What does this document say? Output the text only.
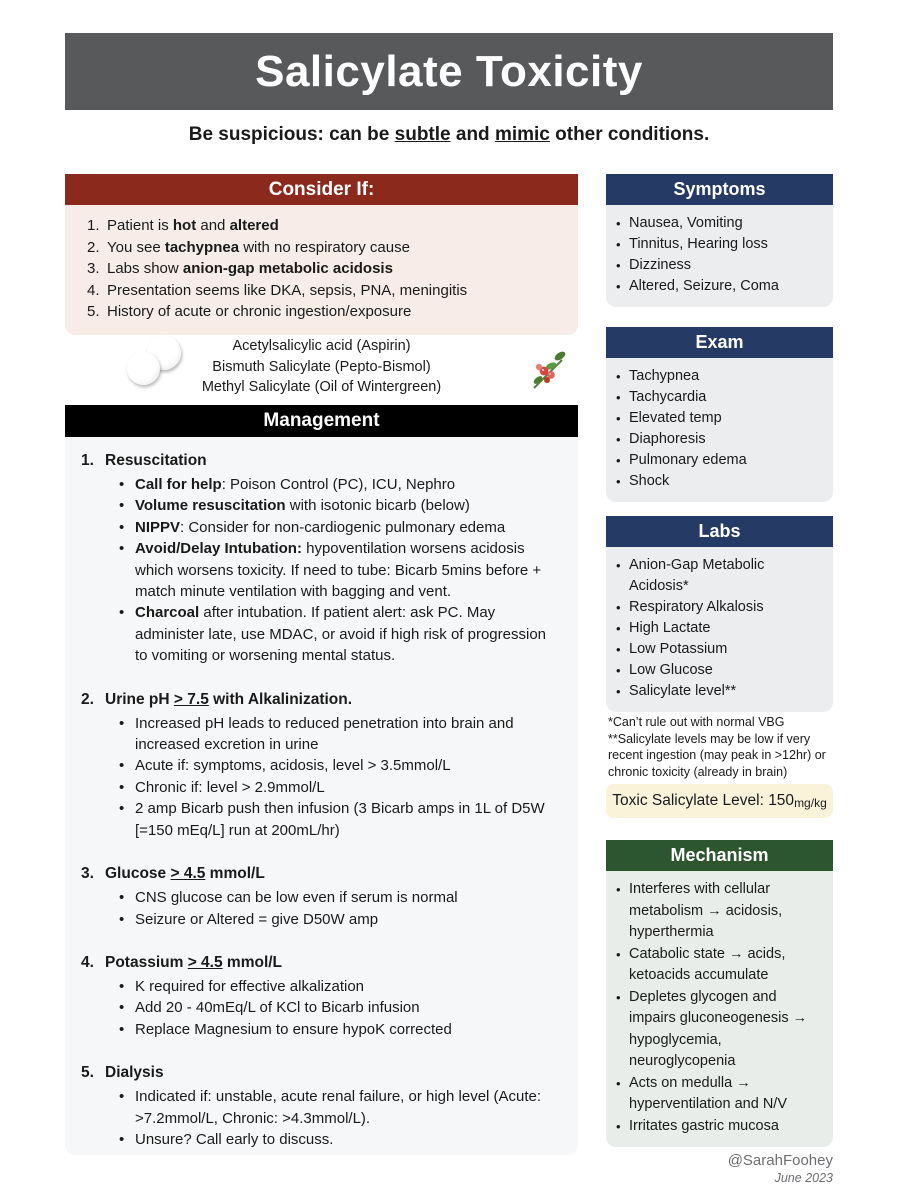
Salicylate Toxicity

Be suspicious: can be subtle and mimic other conditions.

Consider If:
1. Patient is hot and altered
2. You see tachypnea with no respiratory cause
3. Labs show anion-gap metabolic acidosis
4. Presentation seems like DKA, sepsis, PNA, meningitis
5. History of acute or chronic ingestion/exposure
Acetylsalicylic acid (Aspirin)
Bismuth Salicylate (Pepto-Bismol)
Methyl Salicylate (Oil of Wintergreen)
Management
1. Resuscitation
• Call for help: Poison Control (PC), ICU, Nephro
• Volume resuscitation with isotonic bicarb (below)
• NIPPV: Consider for non-cardiogenic pulmonary edema
• Avoid/Delay Intubation: hypoventilation worsens acidosis which worsens toxicity. If need to tube: Bicarb 5mins before + match minute ventilation with bagging and vent.
• Charcoal after intubation. If patient alert: ask PC. May administer late, use MDAC, or avoid if high risk of progression to vomiting or worsening mental status.
2. Urine pH > 7.5 with Alkalinization.
• Increased pH leads to reduced penetration into brain and increased excretion in urine
• Acute if: symptoms, acidosis, level > 3.5mmol/L
• Chronic if: level > 2.9mmol/L
• 2 amp Bicarb push then infusion (3 Bicarb amps in 1L of D5W [=150 mEq/L] run at 200mL/hr)
3. Glucose > 4.5 mmol/L
• CNS glucose can be low even if serum is normal
• Seizure or Altered = give D50W amp
4. Potassium > 4.5 mmol/L
• K required for effective alkalization
• Add 20 - 40mEq/L of KCl to Bicarb infusion
• Replace Magnesium to ensure hypoK corrected
5. Dialysis
• Indicated if: unstable, acute renal failure, or high level (Acute: >7.2mmol/L, Chronic: >4.3mmol/L).
• Unsure? Call early to discuss.
Symptoms
• Nausea, Vomiting
• Tinnitus, Hearing loss
• Dizziness
• Altered, Seizure, Coma
Exam
• Tachypnea
• Tachycardia
• Elevated temp
• Diaphoresis
• Pulmonary edema
• Shock
Labs
• Anion-Gap Metabolic Acidosis*
• Respiratory Alkalosis
• High Lactate
• Low Potassium
• Low Glucose
• Salicylate level**
*Can’t rule out with normal VBG
**Salicylate levels may be low if very recent ingestion (may peak in >12hr) or chronic toxicity (already in brain)
Toxic Salicylate Level: 150 mg/kg
Mechanism
• Interferes with cellular metabolism → acidosis, hyperthermia
• Catabolic state → acids, ketoacids accumulate
• Depletes glycogen and impairs gluconeogenesis → hypoglycemia, neuroglycopenia
• Acts on medulla → hyperventilation and N/V
• Irritates gastric mucosa
@SarahFoohey
June 2023
